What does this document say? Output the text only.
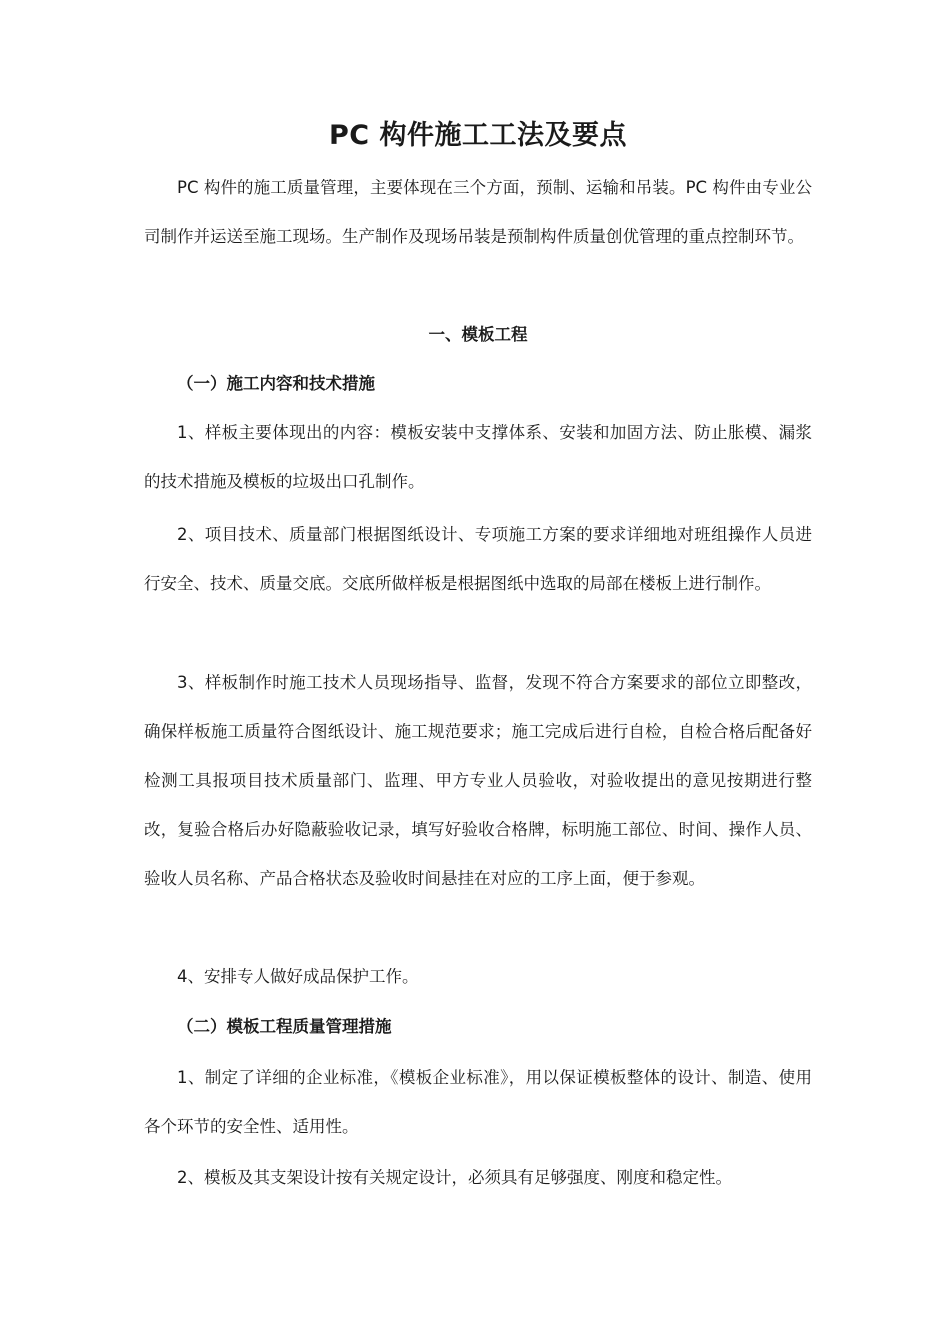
PC 构件施工工法及要点

PC 构件的施工质量管理，主要体现在三个方面，预制、运输和吊装。PC 构件由专业公司制作并运送至施工现场。生产制作及现场吊装是预制构件质量创优管理的重点控制环节。

一、模板工程
（一）施工内容和技术措施

1、样板主要体现出的内容：模板安装中支撑体系、安装和加固方法、防止胀模、漏浆的技术措施及模板的垃圾出口孔制作。

2、项目技术、质量部门根据图纸设计、专项施工方案的要求详细地对班组操作人员进行安全、技术、质量交底。交底所做样板是根据图纸中选取的局部在楼板上进行制作。

3、样板制作时施工技术人员现场指导、监督，发现不符合方案要求的部位立即整改，确保样板施工质量符合图纸设计、施工规范要求；施工完成后进行自检，自检合格后配备好检测工具报项目技术质量部门、监理、甲方专业人员验收，对验收提出的意见按期进行整改，复验合格后办好隐蔽验收记录，填写好验收合格牌，标明施工部位、时间、操作人员、验收人员名称、产品合格状态及验收时间悬挂在对应的工序上面，便于参观。

4、安排专人做好成品保护工作。

（二）模板工程质量管理措施

1、制定了详细的企业标准，《模板企业标准》，用以保证模板整体的设计、制造、使用各个环节的安全性、适用性。

2、模板及其支架设计按有关规定设计，必须具有足够强度、刚度和稳定性。
